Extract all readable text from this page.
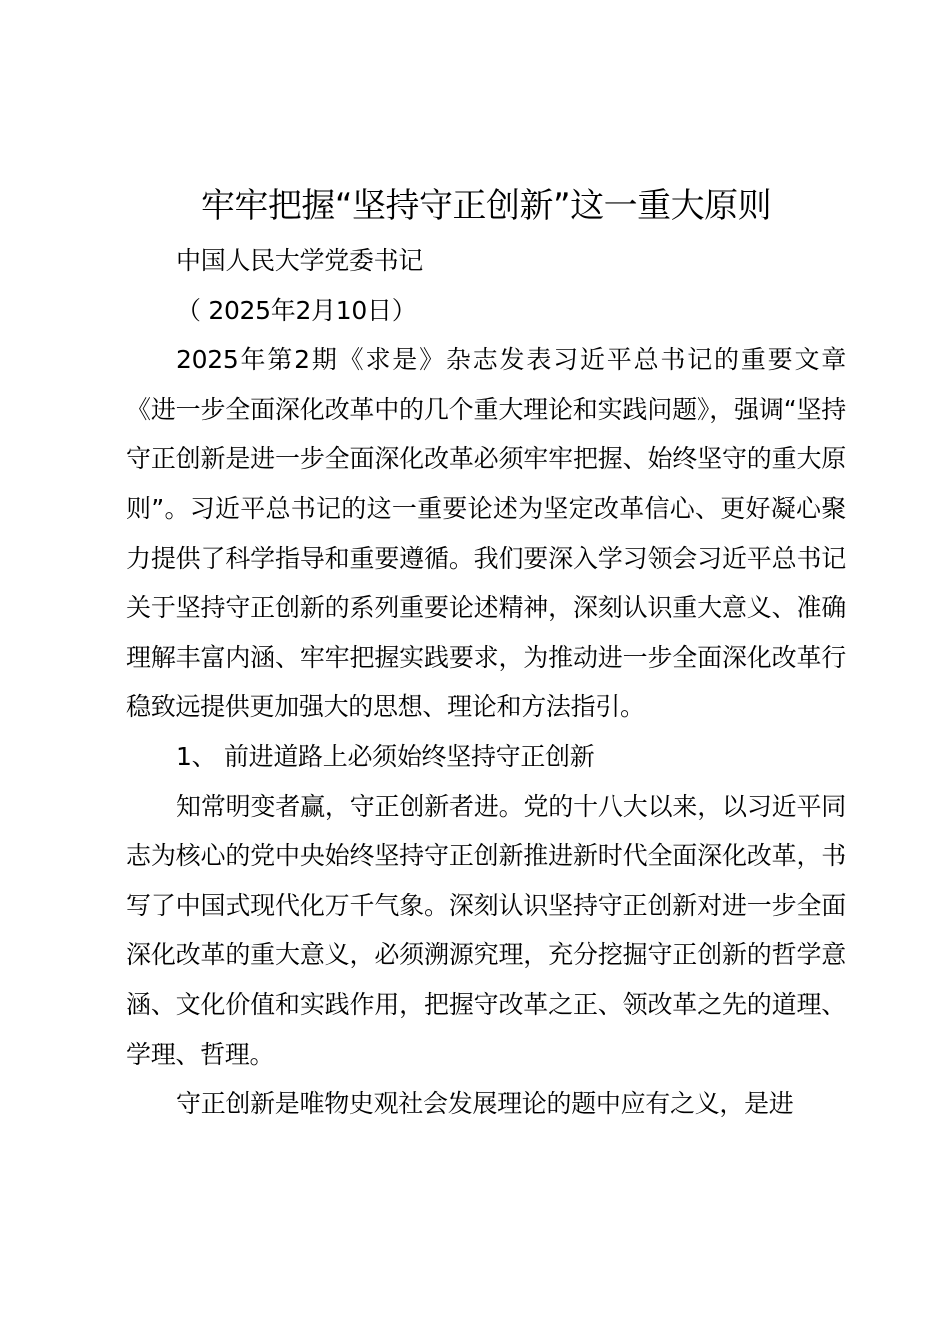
牢牢把握“坚持守正创新”这一重大原则

中国人民大学党委书记

（ 2025年2月10日）

2025年第2期《求是》杂志发表习近平总书记的重要文章《进一步全面深化改革中的几个重大理论和实践问题》，强调“坚持守正创新是进一步全面深化改革必须牢牢把握、始终坚守的重大原则”。习近平总书记的这一重要论述为坚定改革信心、更好凝心聚力提供了科学指导和重要遵循。我们要深入学习领会习近平总书记关于坚持守正创新的系列重要论述精神，深刻认识重大意义、准确理解丰富内涵、牢牢把握实践要求，为推动进一步全面深化改革行稳致远提供更加强大的思想、理论和方法指引。

1、 前进道路上必须始终坚持守正创新

知常明变者赢，守正创新者进。党的十八大以来，以习近平同志为核心的党中央始终坚持守正创新推进新时代全面深化改革，书写了中国式现代化万千气象。深刻认识坚持守正创新对进一步全面深化改革的重大意义，必须溯源究理，充分挖掘守正创新的哲学意涵、文化价值和实践作用，把握守改革之正、领改革之先的道理、学理、哲理。

守正创新是唯物史观社会发展理论的题中应有之义，是进
